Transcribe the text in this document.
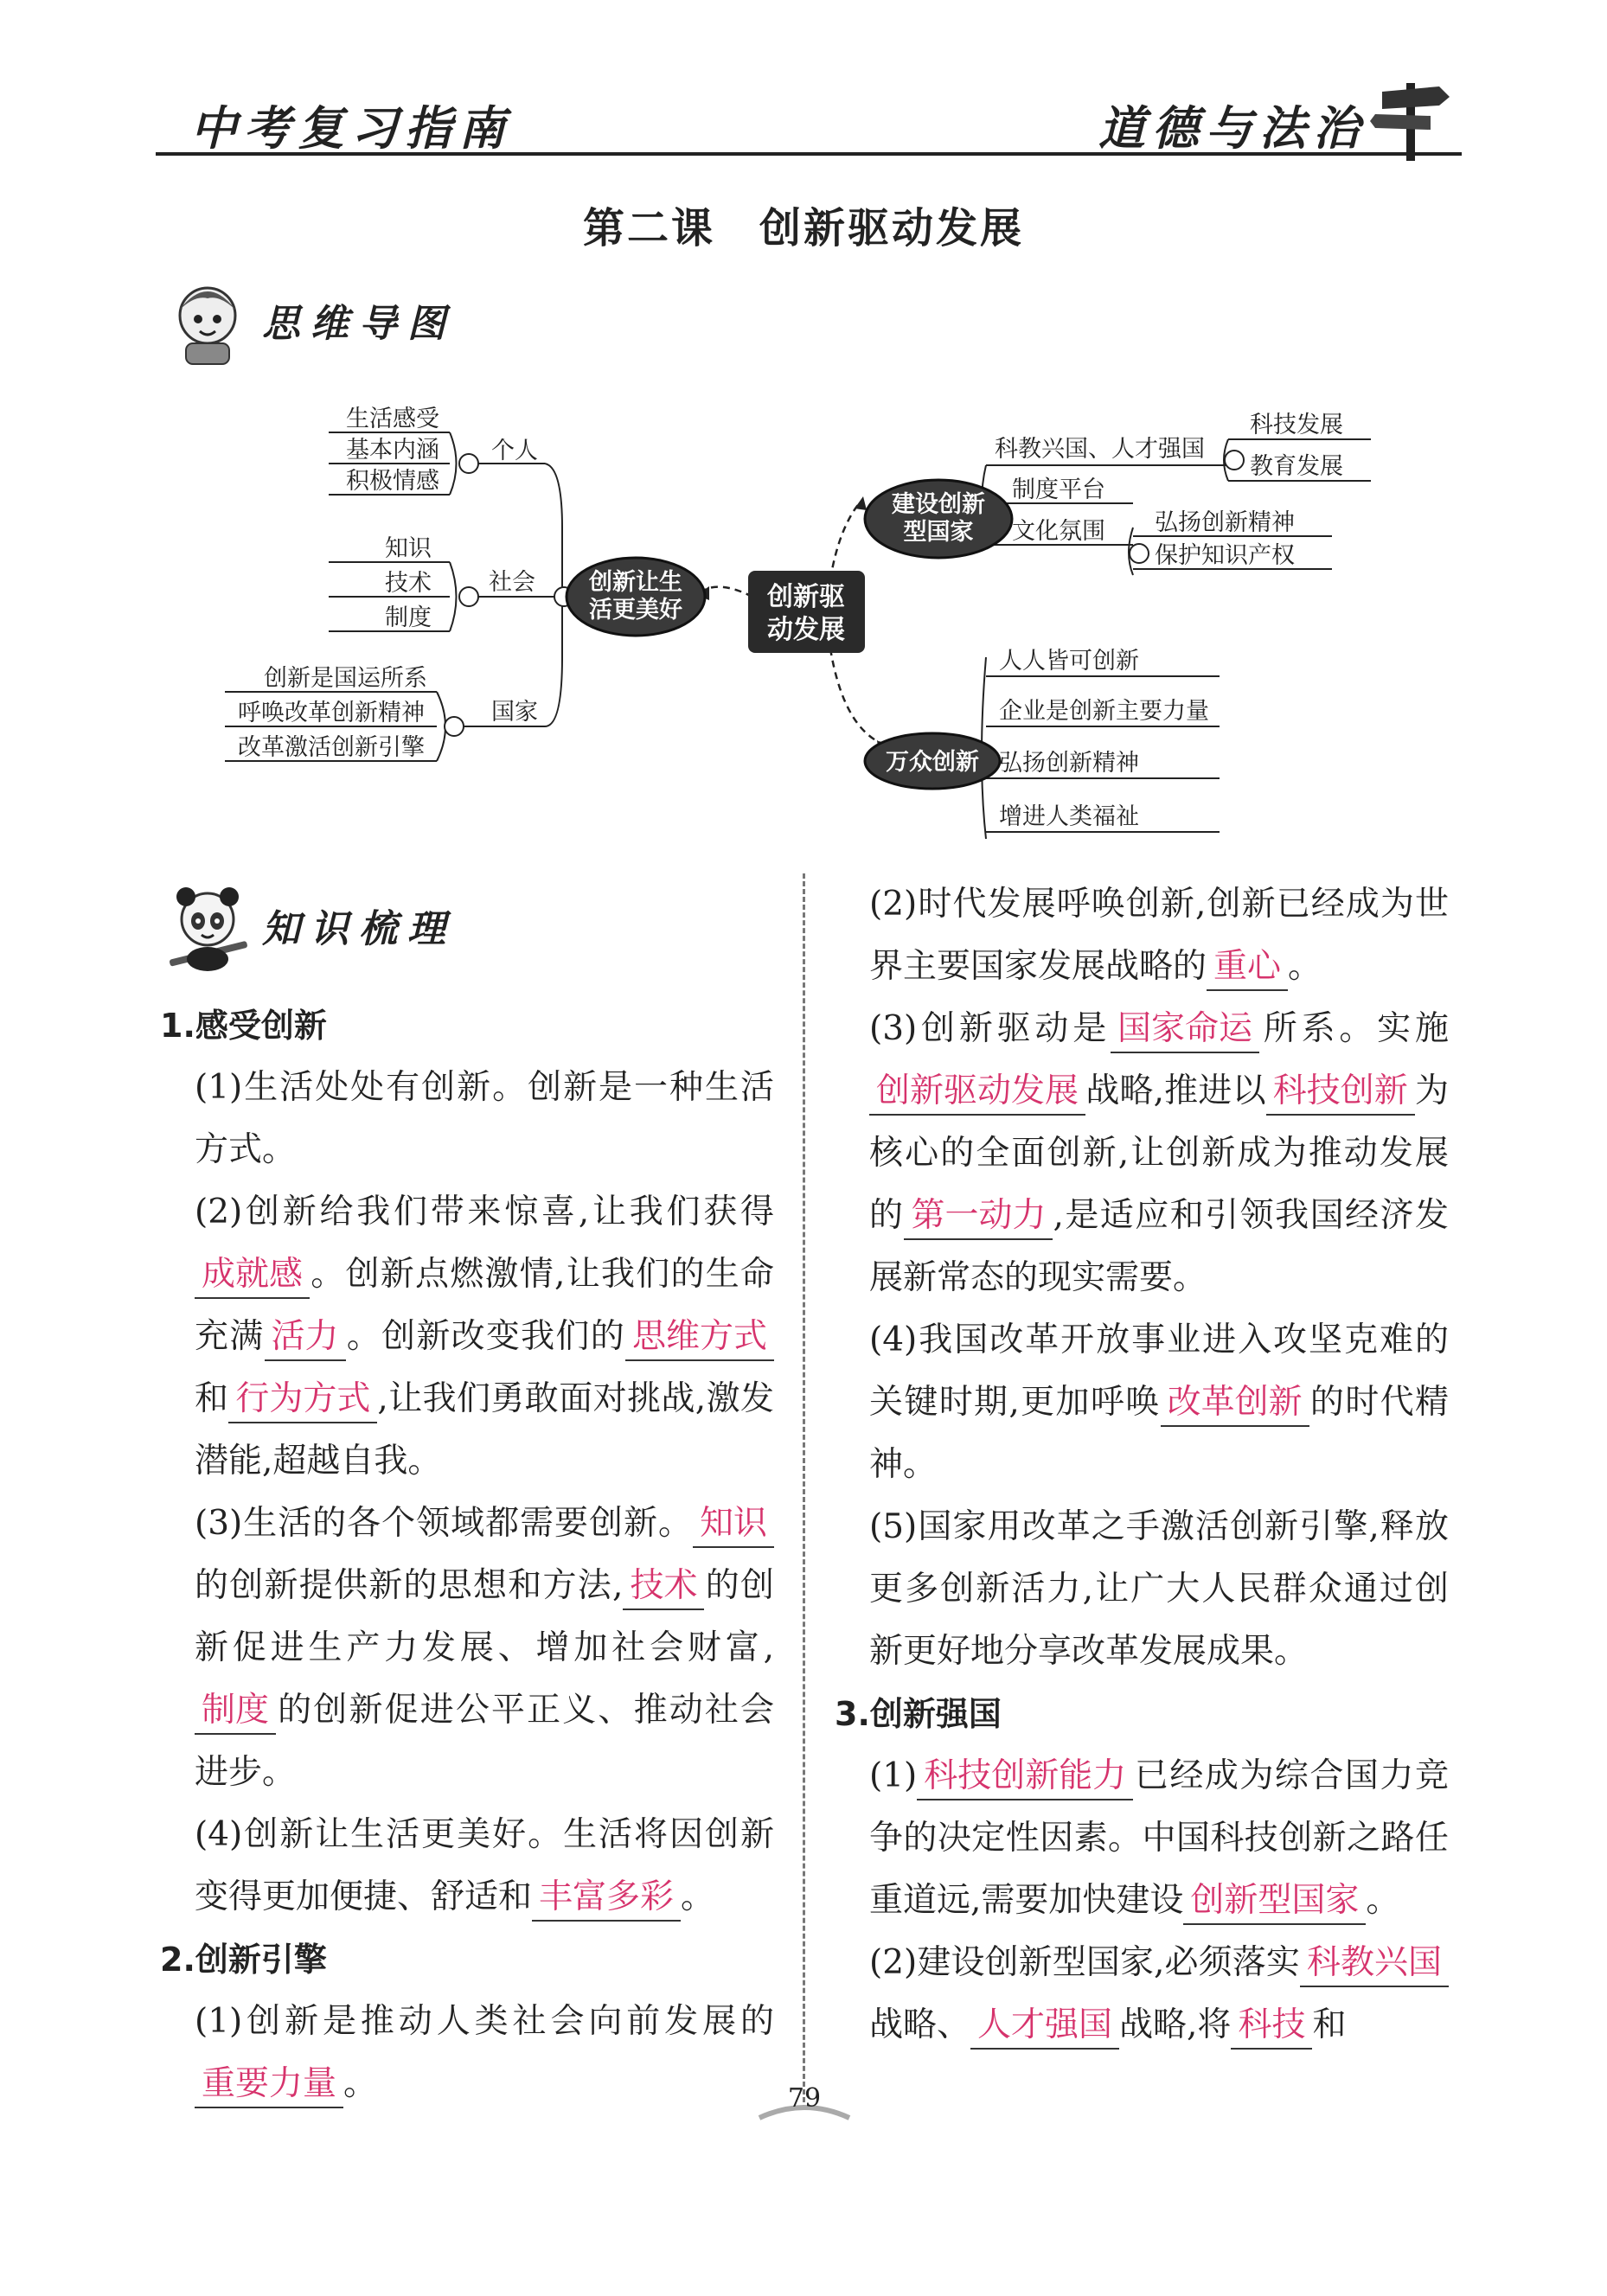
中考复习指南	道德与法治
第二课　创新驱动发展
思维导图
创新让生活更美好	创新驱动发展
建设创新型国家
万众创新
生活感受
基本内涵
积极情感
个人
知识
技术
制度
社会
创新是国运所系
呼唤改革创新精神
改革激活创新引擎
国家
科教兴国、人才强国
科技发展
教育发展
制度平台
文化氛围 弘扬创新精神
保护知识产权
人人皆可创新
企业是创新主要力量
弘扬创新精神
增进人类福祉
知识梳理

1.感受创新

(1)生活处处有创新。创新是一种生活方式。

(2)创新给我们带来惊喜,让我们获得成就感 。创新点燃激情,让我们的生命充满 活力 。创新改变我们的 思维方式和 行为方式 ,让我们勇敢面对挑战,激发潜能,超越自我。

(3)生活的各个领域都需要创新。 知识的创新提供新的思想和方法, 技术 的创新促进生产力发展、增加社会财富,制度 的创新促进公平正义、推动社会进步。

(4)创新让生活更美好。生活将因创新变得更加便捷、舒适和 丰富多彩 。

2.创新引擎

(1)创新是推动人类社会向前发展的重要力量 。

(2)时代发展呼唤创新,创新已经成为世界主要国家发展战略的 重心 。

(3)创新驱动是 国家命运 所系。实施创新驱动发展 战略,推进以 科技创新 为核心的全面创新,让创新成为推动发展的 第一动力 ,是适应和引领我国经济发展新常态的现实需要。

(4)我国改革开放事业进入攻坚克难的关键时期,更加呼唤 改革创新 的时代精神。

(5)国家用改革之手激活创新引擎,释放更多创新活力,让广大人民群众通过创新更好地分享改革发展成果。

3.创新强国

(1) 科技创新能力 已经成为综合国力竞争的决定性因素。中国科技创新之路任重道远,需要加快建设 创新型国家 。

(2)建设创新型国家,必须落实 科教兴国战略、 人才强国 战略,将 科技 和

79
